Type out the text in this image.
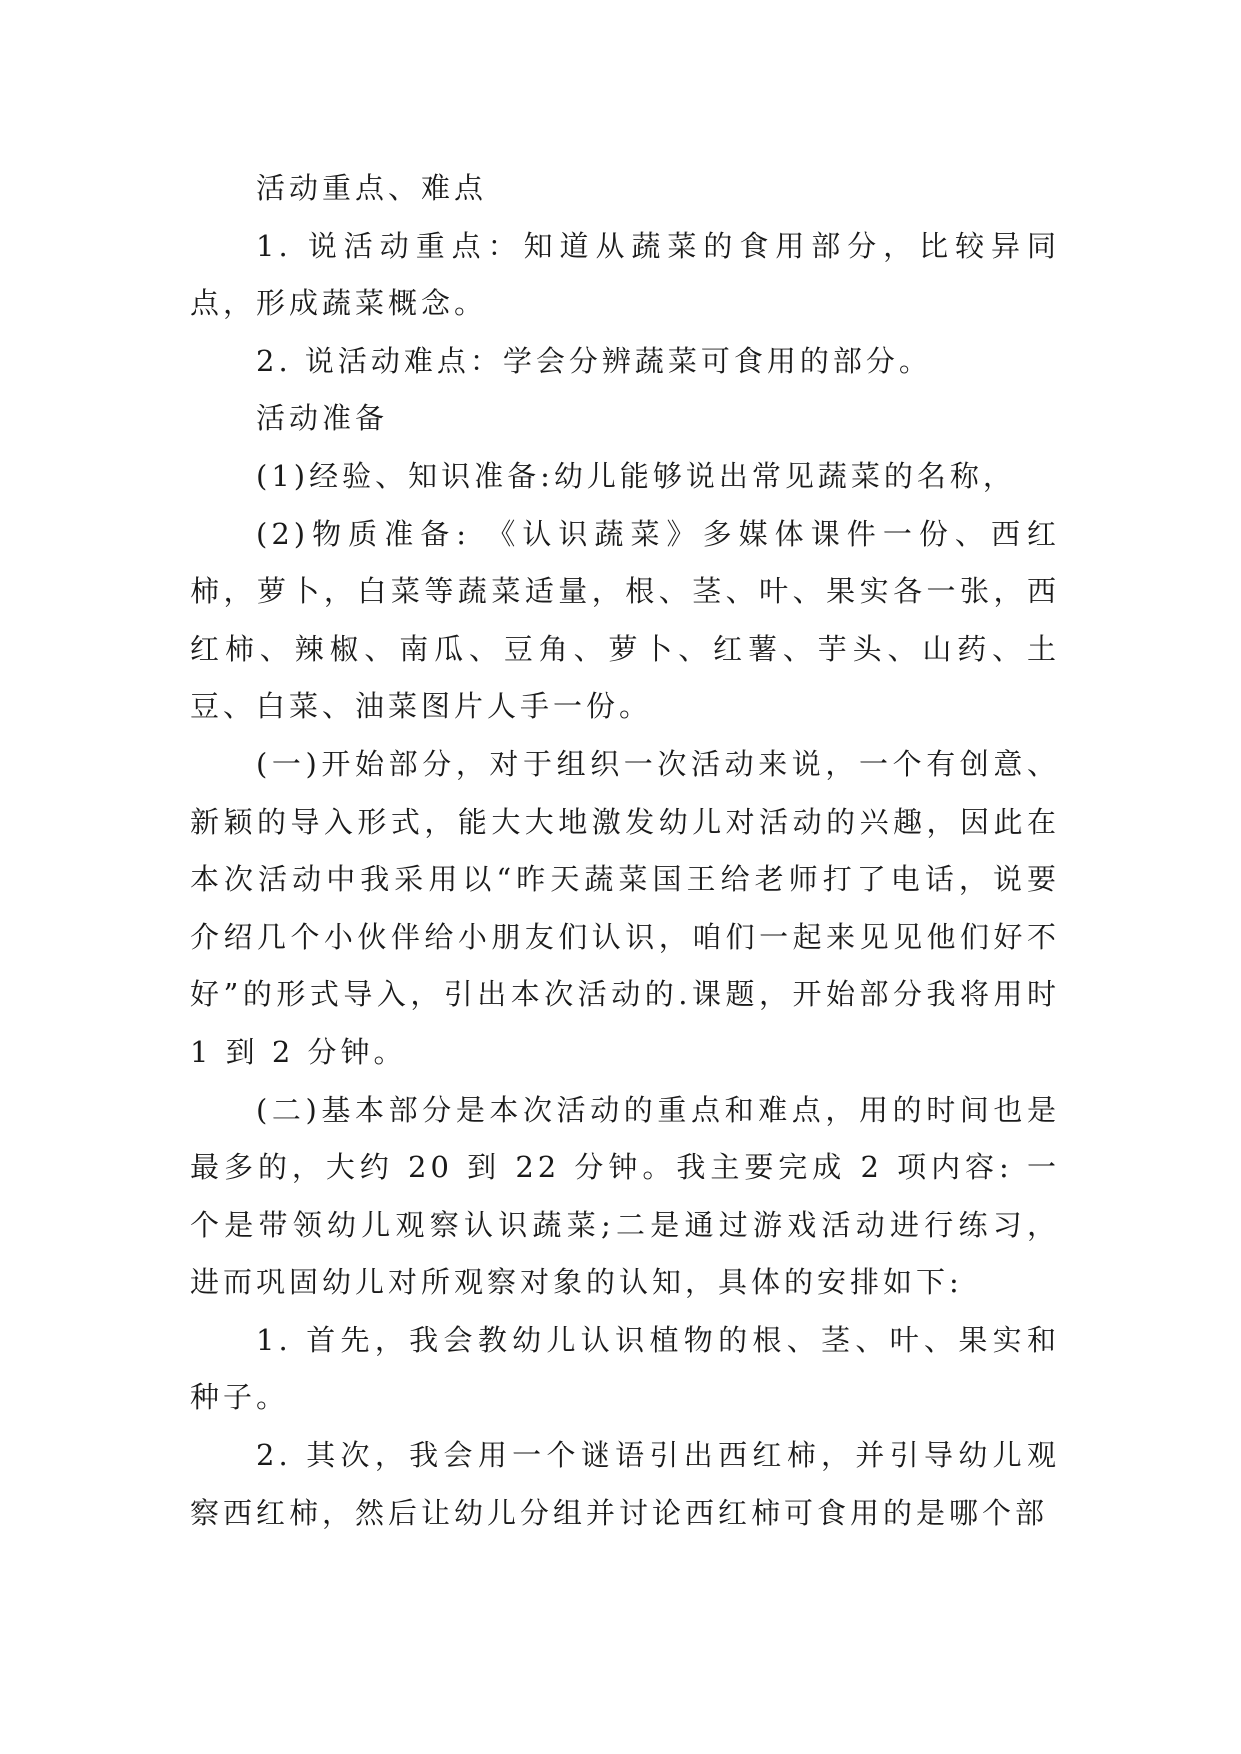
活动重点、难点

1. 说活动重点：知道从蔬菜的食用部分，比较异同点，形成蔬菜概念。

2. 说活动难点：学会分辨蔬菜可食用的部分。

活动准备

(1)经验、知识准备:幼儿能够说出常见蔬菜的名称，

(2)物质准备: 《认识蔬菜》多媒体课件一份、西红柿，萝卜，白菜等蔬菜适量，根、茎、叶、果实各一张，西红柿、辣椒、南瓜、豆角、萝卜、红薯、芋头、山药、土豆、白菜、油菜图片人手一份。

(一)开始部分，对于组织一次活动来说，一个有创意、新颖的导入形式，能大大地激发幼儿对活动的兴趣，因此在本次活动中我采用以“昨天蔬菜国王给老师打了电话，说要介绍几个小伙伴给小朋友们认识，咱们一起来见见他们好不好”的形式导入，引出本次活动的.课题，开始部分我将用时 1 到 2 分钟。

(二)基本部分是本次活动的重点和难点，用的时间也是最多的，大约 20 到 22 分钟。我主要完成 2 项内容: 一个是带领幼儿观察认识蔬菜;二是通过游戏活动进行练习，进而巩固幼儿对所观察对象的认知，具体的安排如下:

1. 首先，我会教幼儿认识植物的根、茎、叶、果实和种子。

2. 其次，我会用一个谜语引出西红柿，并引导幼儿观察西红柿，然后让幼儿分组并讨论西红柿可食用的是哪个部
